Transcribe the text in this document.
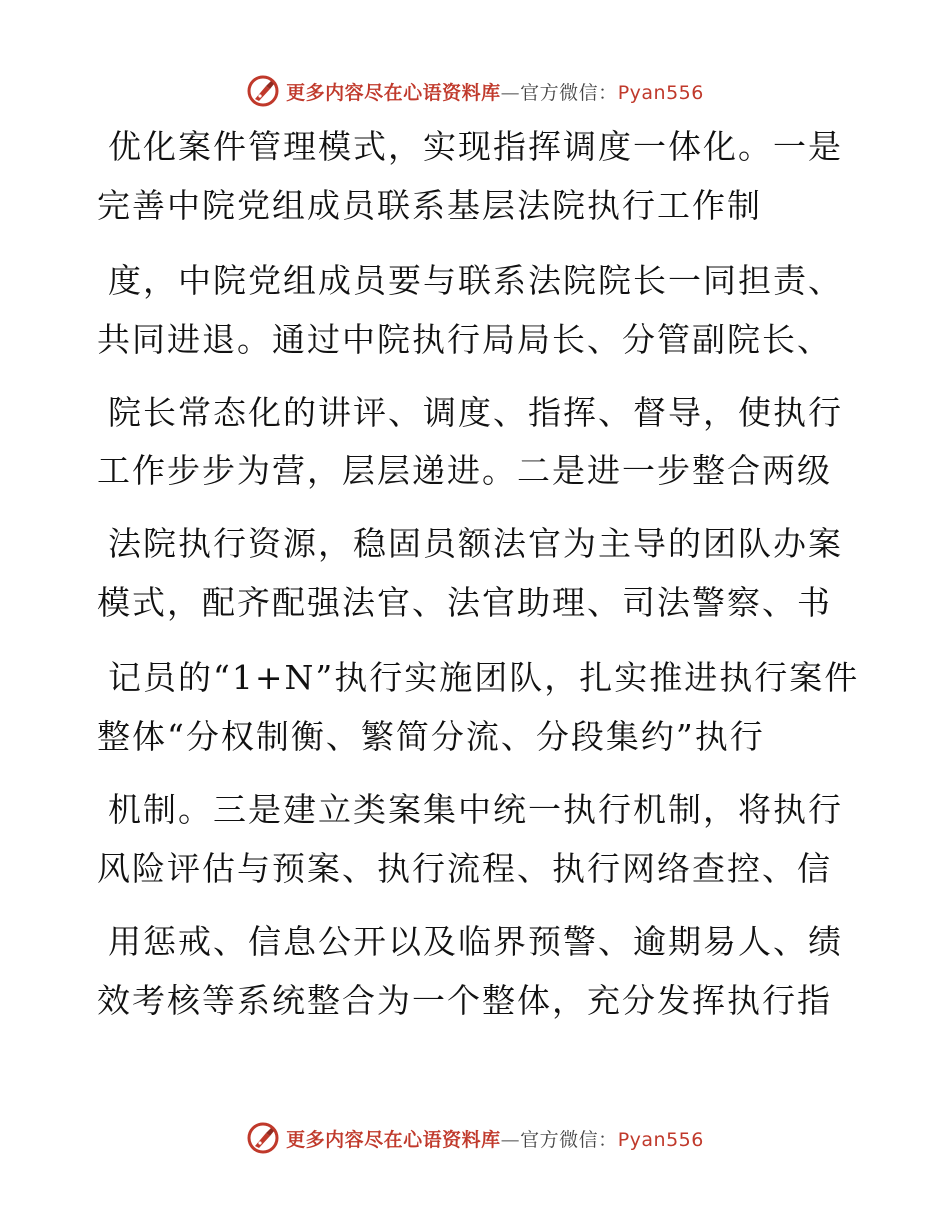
更多内容尽在心语资料库—官方微信：Pyan556
优化案件管理模式，实现指挥调度一体化。一是
完善中院党组成员联系基层法院执行工作制
度，中院党组成员要与联系法院院长一同担责、
共同进退。通过中院执行局局长、分管副院长、
院长常态化的讲评、调度、指挥、督导，使执行
工作步步为营，层层递进。二是进一步整合两级
法院执行资源，稳固员额法官为主导的团队办案
模式，配齐配强法官、法官助理、司法警察、书
记员的“1+N”执行实施团队，扎实推进执行案件
整体“分权制衡、繁简分流、分段集约”执行
机制。三是建立类案集中统一执行机制，将执行
风险评估与预案、执行流程、执行网络查控、信
用惩戒、信息公开以及临界预警、逾期易人、绩
效考核等系统整合为一个整体，充分发挥执行指
更多内容尽在心语资料库—官方微信：Pyan556
